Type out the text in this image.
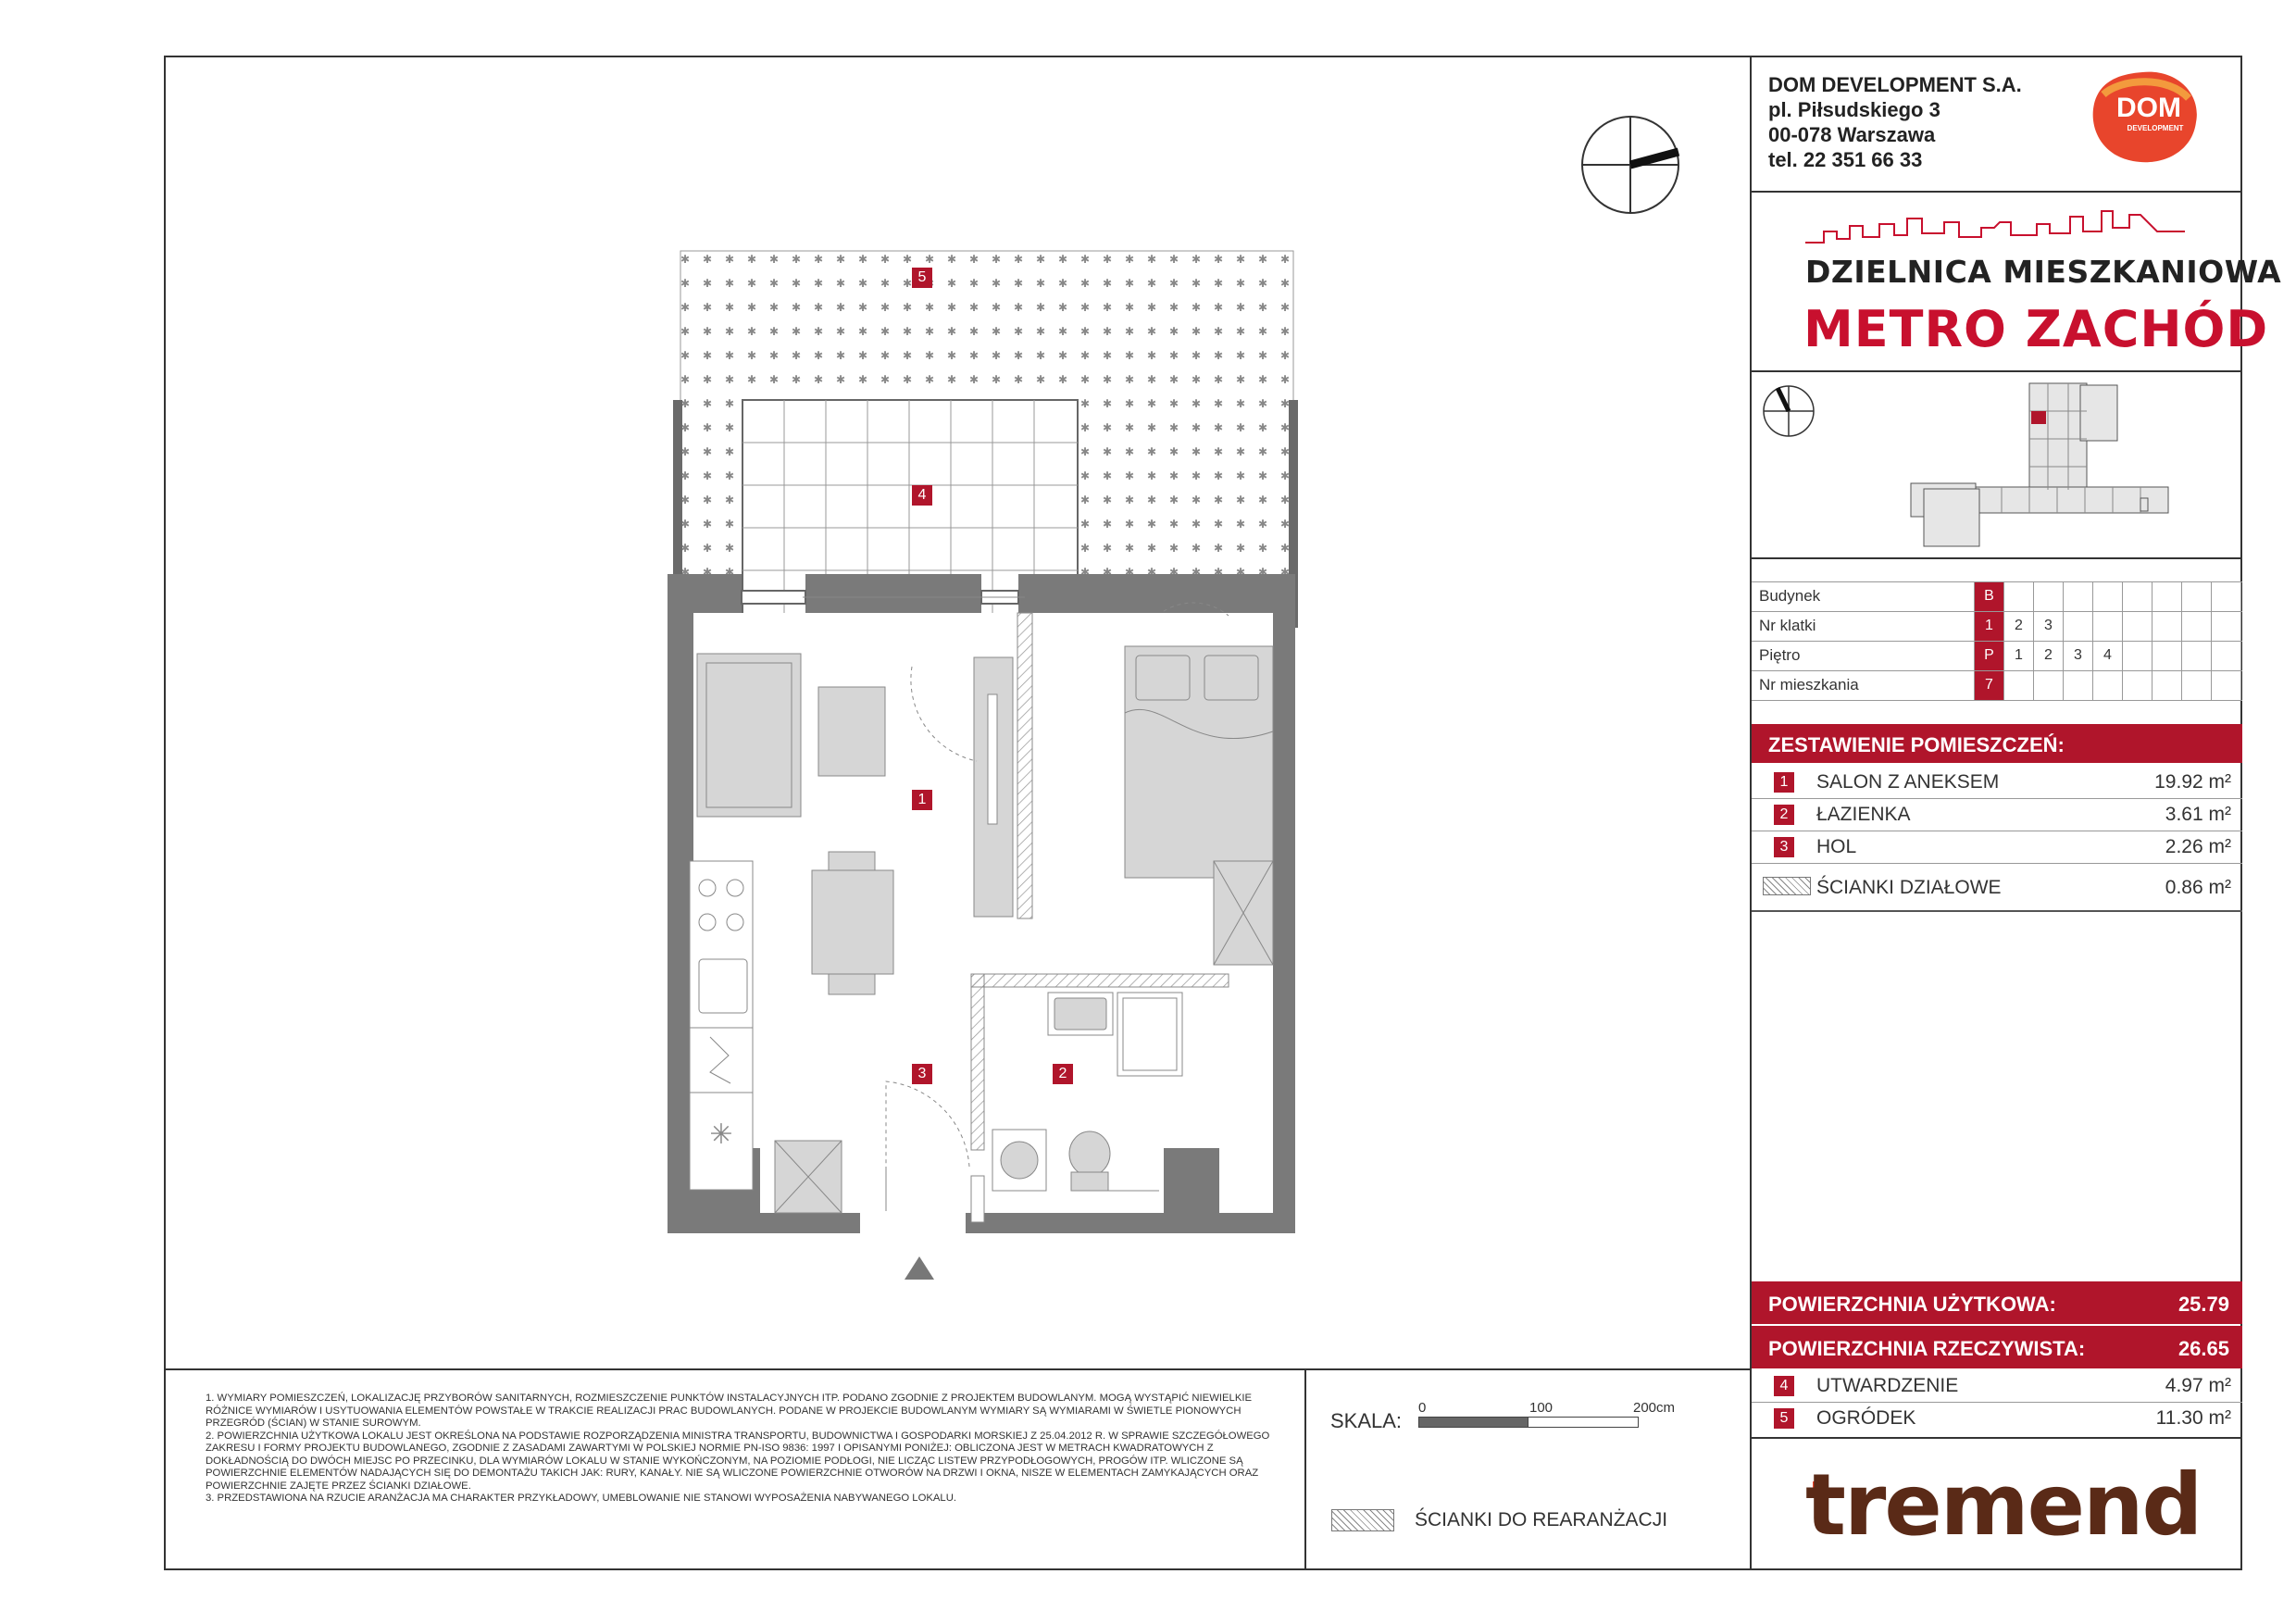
✳
5
4
1
3	2
DOM DEVELOPMENT S.A.
pl. Piłsudskiego 3
00-078 Warszawa
tel. 22 351 66 33
DOM
DEVELOPMENT
DZIELNICA MIESZKANIOWA
METRO ZACHÓD
Budynek	B
Nr klatki	1	2	3
Piętro	P	1	2	3	4
Nr mieszkania	7
ZESTAWIENIE POMIESZCZEŃ:
1	SALON Z ANEKSEM	19.92 m²
2	ŁAZIENKA	3.61 m²
3	HOL	2.26 m²
ŚCIANKI DZIAŁOWE	0.86 m²
POWIERZCHNIA UŻYTKOWA:	25.79
POWIERZCHNIA RZECZYWISTA:	26.65
4	UTWARDZENIE	4.97 m²
5	OGRÓDEK	11.30 m²
tremend

1. WYMIARY POMIESZCZEŃ, LOKALIZACJĘ PRZYBORÓW SANITARNYCH, ROZMIESZCZENIE PUNKTÓW INSTALACYJNYCH ITP. PODANO ZGODNIE Z PROJEKTEM BUDOWLANYM. MOGĄ WYSTĄPIĆ NIEWIELKIE RÓŻNICE WYMIARÓW I USYTUOWANIA ELEMENTÓW POWSTAŁE W TRAKCIE REALIZACJI PRAC BUDOWLANYCH. PODANE W PROJEKCIE BUDOWLANYM WYMIARY SĄ WYMIARAMI W ŚWIETLE PIONOWYCH PRZEGRÓD (ŚCIAN) W STANIE SUROWYM.

2. POWIERZCHNIA UŻYTKOWA LOKALU JEST OKREŚLONA NA PODSTAWIE ROZPORZĄDZENIA MINISTRA TRANSPORTU, BUDOWNICTWA I GOSPODARKI MORSKIEJ Z 25.04.2012 R. W SPRAWIE SZCZEGÓŁOWEGO ZAKRESU I FORMY PROJEKTU BUDOWLANEGO, ZGODNIE Z ZASADAMI ZAWARTYMI W POLSKIEJ NORMIE PN-ISO 9836: 1997 I OPISANYMI PONIŻEJ: OBLICZONA JEST W METRACH KWADRATOWYCH Z DOKŁADNOŚCIĄ DO DWÓCH MIEJSC PO PRZECINKU, DLA WYMIARÓW LOKALU W STANIE WYKOŃCZONYM, NA POZIOMIE PODŁOGI, NIE LICZĄC LISTEW PRZYPODŁOGOWYCH, PROGÓW ITP. WLICZONE SĄ POWIERZCHNIE ELEMENTÓW NADAJĄCYCH SIĘ DO DEMONTAŻU TAKICH JAK: RURY, KANAŁY. NIE SĄ WLICZONE POWIERZCHNIE OTWORÓW NA DRZWI I OKNA, NISZE W ELEMENTACH ZAMYKAJĄCYCH ORAZ POWIERZCHNIE ZAJĘTE PRZEZ ŚCIANKI DZIAŁOWE.

3. PRZEDSTAWIONA NA RZUCIE ARANŻACJA MA CHARAKTER PRZYKŁADOWY, UMEBLOWANIE NIE STANOWI WYPOSAŻENIA NABYWANEGO LOKALU.

SKALA:
0	100	200cm
ŚCIANKI DO REARANŻACJI
